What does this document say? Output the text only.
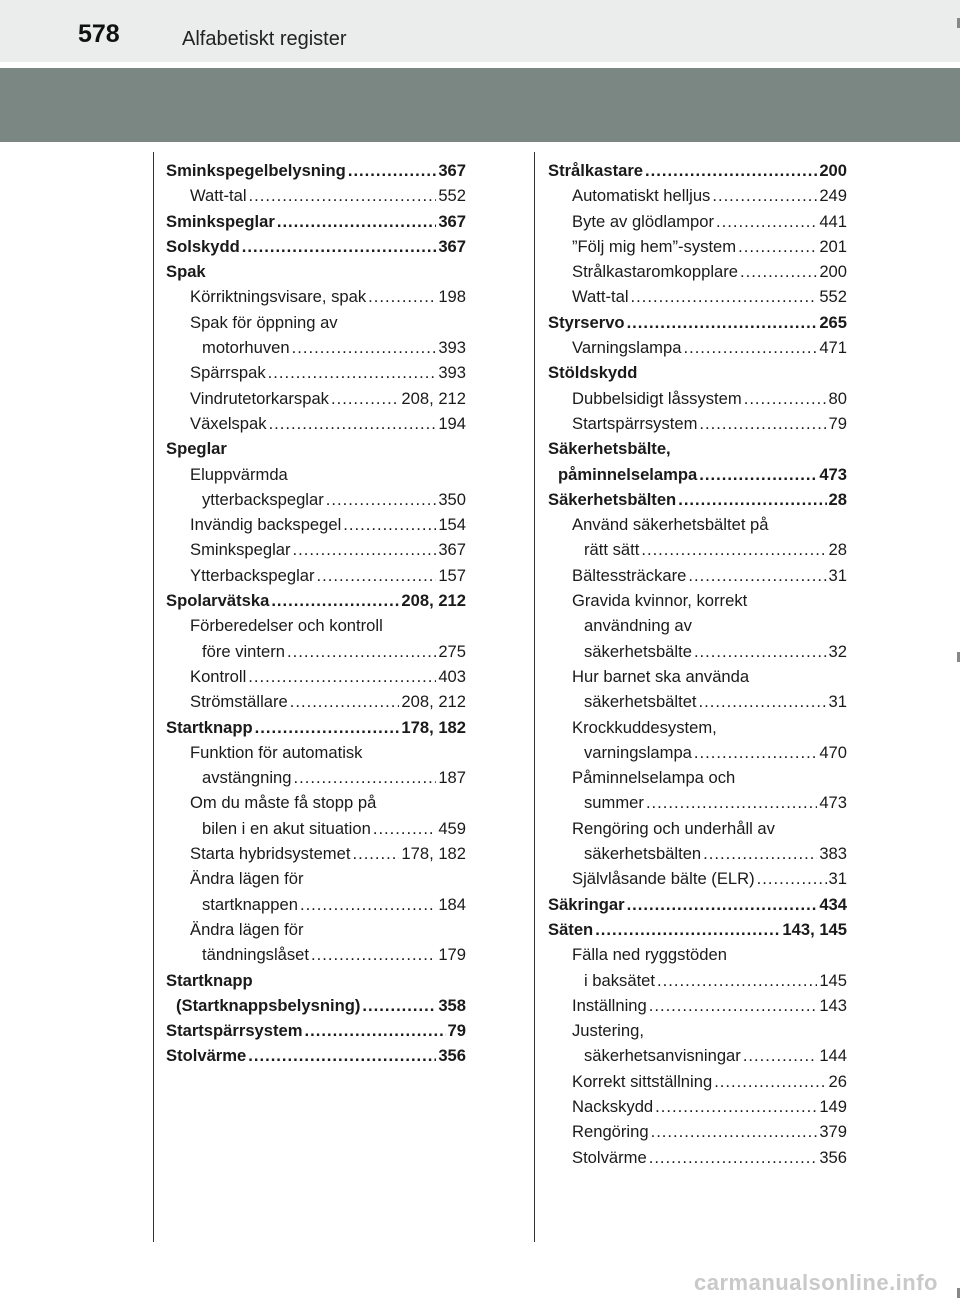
578	Alfabetiskt register
Sminkspegelbelysning .....	367
Watt-tal .....	552
Sminkspeglar .....	367
Solskydd .....	367
Spak
Körriktningsvisare, spak .....	198
Spak för öppning av
motorhuven .....	393
Spärrspak .....	393
Vindrutetorkarspak .....	208, 212
Växelspak .....	194
Speglar
Eluppvärmda
ytterbackspeglar .....	350
Invändig backspegel .....	154
Sminkspeglar .....	367
Ytterbackspeglar .....	157
Spolarvätska .....	208, 212
Förberedelser och kontroll
före vintern .....	275
Kontroll .....	403
Strömställare .....	208, 212
Startknapp .....	178, 182
Funktion för automatisk
avstängning .....	187
Om du måste få stopp på
bilen i en akut situation .....	459
Starta hybridsystemet .....	178, 182
Ändra lägen för
startknappen .....	184
Ändra lägen för
tändningslåset .....	179
Startknapp
(Startknappsbelysning) .....	358
Startspärrsystem .....	79
Stolvärme .....	356
Strålkastare .....	200
Automatiskt helljus .....	249
Byte av glödlampor .....	441
”Följ mig hem”-system .....	201
Strålkastaromkopplare .....	200
Watt-tal .....	552
Styrservo .....	265
Varningslampa .....	471
Stöldskydd
Dubbelsidigt låssystem .....	80
Startspärrsystem .....	79
Säkerhetsbälte,
påminnelselampa .....	473
Säkerhetsbälten .....	28
Använd säkerhetsbältet på
rätt sätt .....	28
Bältessträckare .....	31
Gravida kvinnor, korrekt
användning av
säkerhetsbälte .....	32
Hur barnet ska använda
säkerhetsbältet .....	31
Krockkuddesystem,
varningslampa .....	470
Påminnelselampa och
summer .....	473
Rengöring och underhåll av
säkerhetsbälten .....	383
Självlåsande bälte (ELR) .....	31
Säkringar .....	434
Säten .....	143, 145
Fälla ned ryggstöden
i baksätet .....	145
Inställning .....	143
Justering,
säkerhetsanvisningar .....	144
Korrekt sittställning .....	26
Nackskydd .....	149
Rengöring .....	379
Stolvärme .....	356
carmanualsonline.info
